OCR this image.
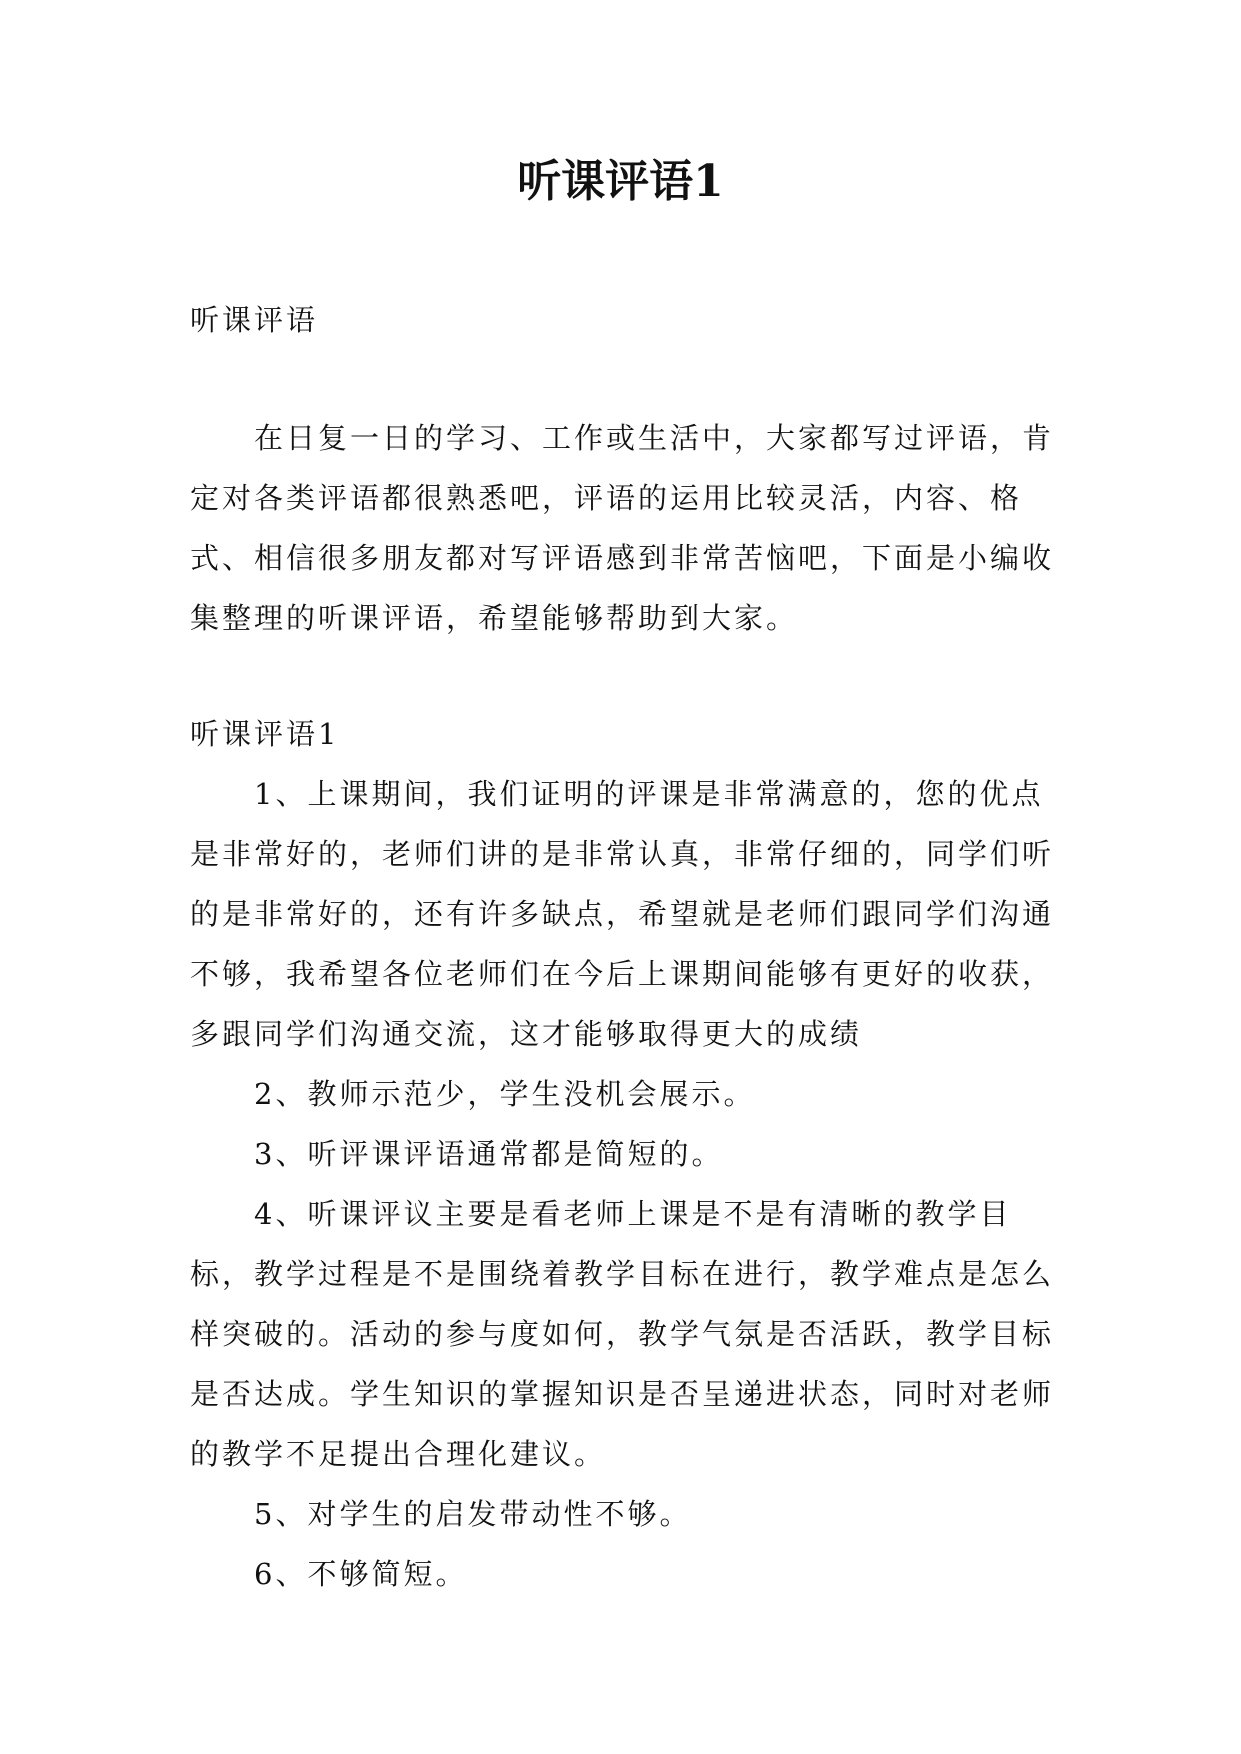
听课评语1

听课评语

在日复一日的学习、工作或生活中，大家都写过评语，肯定对各类评语都很熟悉吧，评语的运用比较灵活，内容、格式、相信很多朋友都对写评语感到非常苦恼吧，下面是小编收集整理的听课评语，希望能够帮助到大家。

听课评语1

1、上课期间，我们证明的评课是非常满意的，您的优点是非常好的，老师们讲的是非常认真，非常仔细的，同学们听的是非常好的，还有许多缺点，希望就是老师们跟同学们沟通不够，我希望各位老师们在今后上课期间能够有更好的收获，多跟同学们沟通交流，这才能够取得更大的成绩

2、教师示范少，学生没机会展示。

3、听评课评语通常都是简短的。

4、听课评议主要是看老师上课是不是有清晰的教学目标，教学过程是不是围绕着教学目标在进行，教学难点是怎么样突破的。活动的参与度如何，教学气氛是否活跃，教学目标是否达成。学生知识的掌握知识是否呈递进状态，同时对老师的教学不足提出合理化建议。

5、对学生的启发带动性不够。

6、不够简短。
